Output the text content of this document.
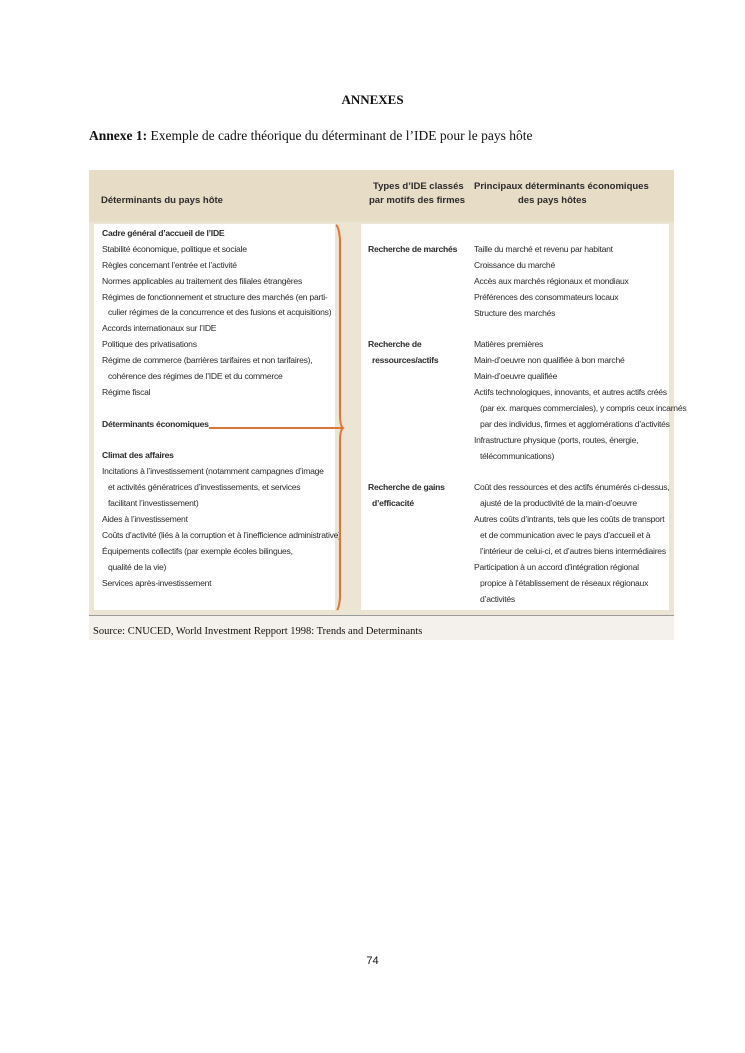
ANNEXES
Annexe 1: Exemple de cadre théorique du déterminant de l’IDE pour le pays hôte
Déterminants du pays hôte
Types d’IDE classés
par motifs des firmes
Principaux déterminants économiques
des pays hôtes
Cadre général d’accueil de l’IDE
Stabilité économique, politique et sociale
Règles concernant l’entrée et l’activité
Normes applicables au traitement des filiales étrangères
Régimes de fonctionnement et structure des marchés (en parti-
culier régimes de la concurrence et des fusions et acquisitions)
Accords internationaux sur l’IDE
Politique des privatisations
Régime de commerce (barrières tarifaires et non tarifaires),
cohérence des régimes de l’IDE et du commerce
Régime fiscal
Déterminants économiques
Climat des affaires
Incitations à l’investissement (notamment campagnes d’image
et activités génératrices d’investissements, et services
facilitant l’investissement)
Aides à l’investissement
Coûts d’activité (liés à la corruption et à l’inefficience administrative)
Équipements collectifs (par exemple écoles bilingues,
qualité de la vie)
Services après-investissement
Recherche de marchés
Recherche de
ressources/actifs
Recherche de gains
d’efficacité
Taille du marché et revenu par habitant
Croissance du marché
Accès aux marchés régionaux et mondiaux
Préférences des consommateurs locaux
Structure des marchés
Matières premières
Main-d’oeuvre non qualifiée à bon marché
Main-d’oeuvre qualifiée
Actifs technologiques, innovants, et autres actifs créés
(par ex. marques commerciales), y compris ceux incarnés
par des individus, firmes et agglomérations d’activités
Infrastructure physique (ports, routes, énergie,
télécommunications)
Coût des ressources et des actifs énumérés ci-dessus,
ajusté de la productivité de la main-d’oeuvre
Autres coûts d’intrants, tels que les coûts de transport
et de communication avec le pays d’accueil et à
l’intérieur de celui-ci, et d’autres biens intermédiaires
Participation à un accord d’intégration régional
propice à l’établissement de réseaux régionaux
d’activités
Source: CNUCED, World Investment Repport 1998: Trends and Determinants
74
